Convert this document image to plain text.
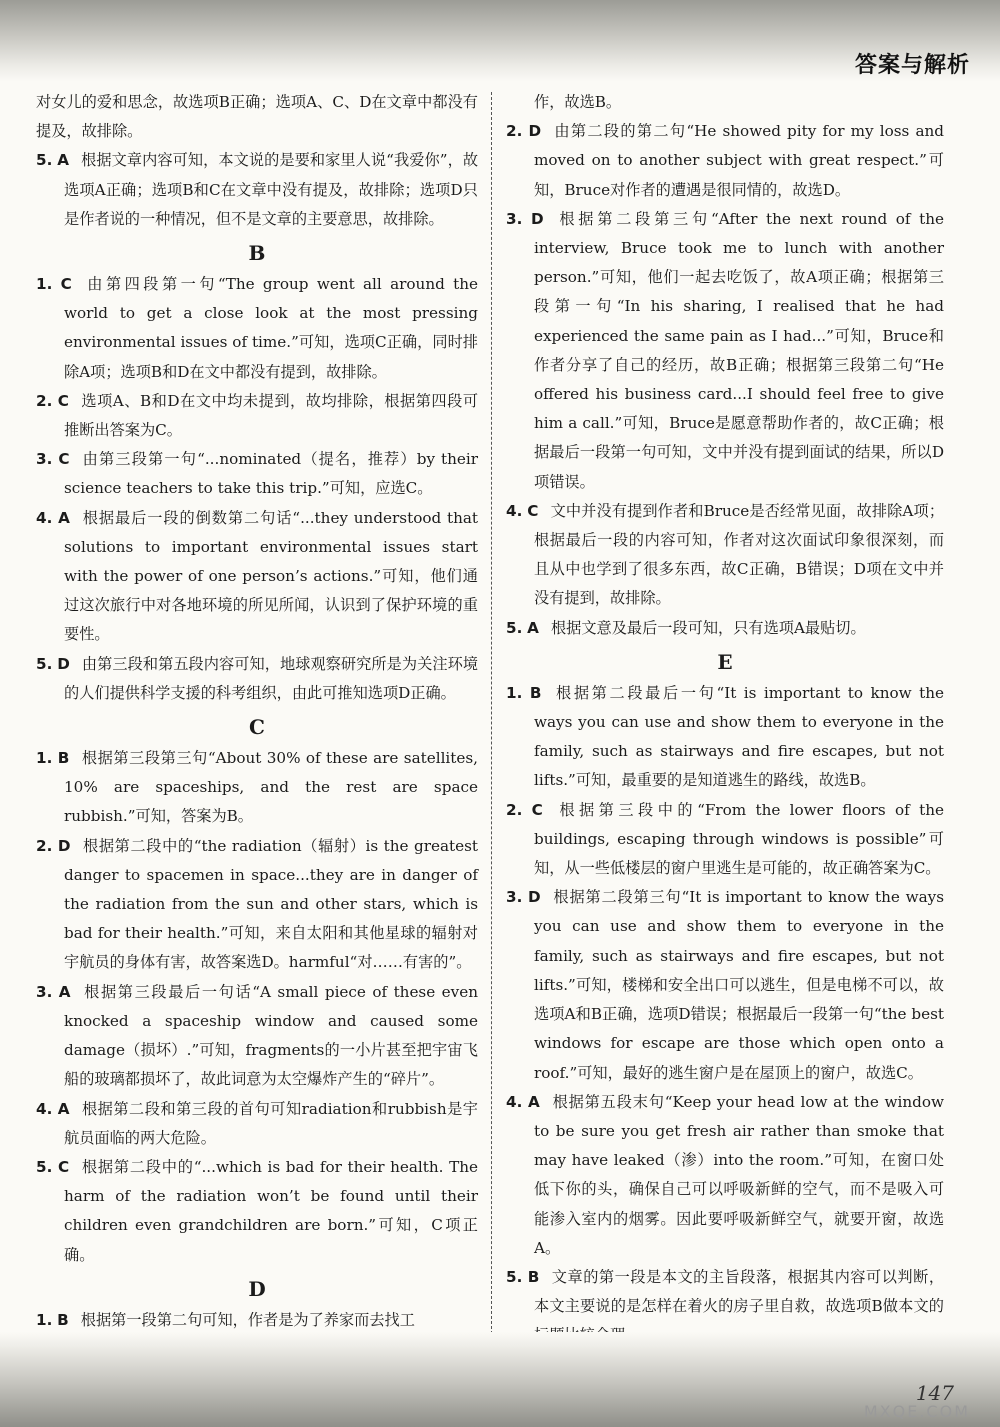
答案与解析

对女儿的爱和思念，故选项B正确；选项A、C、D在文章中都没有提及，故排除。

5. A 根据文章内容可知，本文说的是要和家里人说“我爱你”，故选项A正确；选项B和C在文章中没有提及，故排除；选项D只是作者说的一种情况，但不是文章的主要意思，故排除。

B

1. C 由第四段第一句“The group went all around the world to get a close look at the most pressing environmental issues of time.”可知，选项C正确，同时排除A项；选项B和D在文中都没有提到，故排除。

2. C 选项A、B和D在文中均未提到，故均排除，根据第四段可推断出答案为C。

3. C 由第三段第一句“...nominated（提名，推荐）by their science teachers to take this trip.”可知，应选C。

4. A 根据最后一段的倒数第二句话“...they understood that solutions to important environmental issues start with the power of one person’s actions.”可知，他们通过这次旅行中对各地环境的所见所闻，认识到了保护环境的重要性。

5. D 由第三段和第五段内容可知，地球观察研究所是为关注环境的人们提供科学支援的科考组织，由此可推知选项D正确。

C

1. B 根据第三段第三句“About 30% of these are satellites, 10% are spaceships, and the rest are space rubbish.”可知，答案为B。

2. D 根据第二段中的“the radiation（辐射）is the greatest danger to spacemen in space...they are in danger of the radiation from the sun and other stars, which is bad for their health.”可知，来自太阳和其他星球的辐射对宇航员的身体有害，故答案选D。harmful“对……有害的”。

3. A 根据第三段最后一句话“A small piece of these even knocked a spaceship window and caused some damage（损坏）.”可知，fragments的一小片甚至把宇宙飞船的玻璃都损坏了，故此词意为太空爆炸产生的“碎片”。

4. A 根据第二段和第三段的首句可知radiation和rubbish是宇航员面临的两大危险。

5. C 根据第二段中的“...which is bad for their health. The harm of the radiation won’t be found until their children even grandchildren are born.”可知，C项正确。

D

1. B 根据第一段第二句可知，作者是为了养家而去找工

作，故选B。

2. D 由第二段的第二句“He showed pity for my loss and moved on to another subject with great respect.”可知，Bruce对作者的遭遇是很同情的，故选D。

3. D 根据第二段第三句“After the next round of the interview, Bruce took me to lunch with another person.”可知，他们一起去吃饭了，故A项正确；根据第三段第一句“In his sharing, I realised that he had experienced the same pain as I had...”可知，Bruce和作者分享了自己的经历，故B正确；根据第三段第二句“He offered his business card...I should feel free to give him a call.”可知，Bruce是愿意帮助作者的，故C正确；根据最后一段第一句可知，文中并没有提到面试的结果，所以D项错误。

4. C 文中并没有提到作者和Bruce是否经常见面，故排除A项；根据最后一段的内容可知，作者对这次面试印象很深刻，而且从中也学到了很多东西，故C正确，B错误；D项在文中并没有提到，故排除。

5. A 根据文意及最后一段可知，只有选项A最贴切。

E

1. B 根据第二段最后一句“It is important to know the ways you can use and show them to everyone in the family, such as stairways and fire escapes, but not lifts.”可知，最重要的是知道逃生的路线，故选B。

2. C 根据第三段中的“From the lower floors of the buildings, escaping through windows is possible”可知，从一些低楼层的窗户里逃生是可能的，故正确答案为C。

3. D 根据第二段第三句“It is important to know the ways you can use and show them to everyone in the family, such as stairways and fire escapes, but not lifts.”可知，楼梯和安全出口可以逃生，但是电梯不可以，故选项A和B正确，选项D错误；根据最后一段第一句“the best windows for escape are those which open onto a roof.”可知，最好的逃生窗户是在屋顶上的窗户，故选C。

4. A 根据第五段末句“Keep your head low at the window to be sure you get fresh air rather than smoke that may have leaked（渗）into the room.”可知，在窗口处低下你的头，确保自己可以呼吸新鲜的空气，而不是吸入可能渗入室内的烟雾。因此要呼吸新鲜空气，就要开窗，故选A。

5. B 文章的第一段是本文的主旨段落，根据其内容可以判断，本文主要说的是怎样在着火的房子里自救，故选项B做本文的

147
MXQE.COM
